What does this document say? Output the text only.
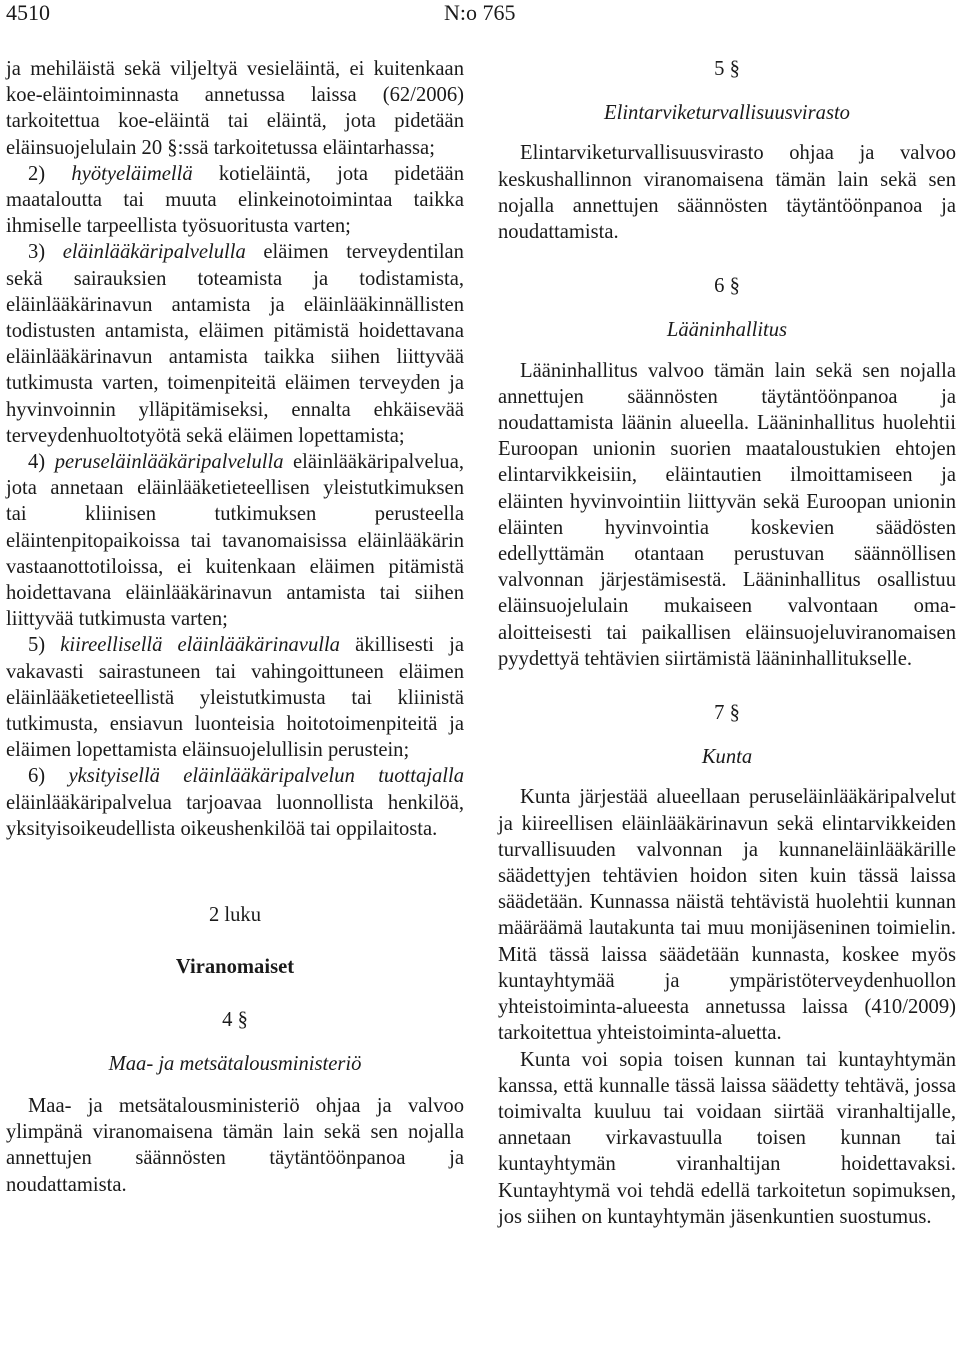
4510	N:o 765

ja mehiläistä sekä viljeltyä vesieläintä, ei kuitenkaan koe-eläintoiminnasta annetussa laissa (62/2006) tarkoitettua koe-eläintä tai eläintä, jota pidetään eläinsuojelulain 20 §:ssä tarkoitetussa eläintarhassa;

2) hyötyeläimellä kotieläintä, jota pidetään maataloutta tai muuta elinkeinotoimintaa taikka ihmiselle tarpeellista työsuoritusta varten;

3) eläinlääkäripalvelulla eläimen terveydentilan sekä sairauksien toteamista ja todistamista, eläinlääkärinavun antamista ja eläinlääkinnällisten todistusten antamista, eläimen pitämistä hoidettavana eläinlääkärinavun antamista taikka siihen liittyvää tutkimusta varten, toimenpiteitä eläimen terveyden ja hyvinvoinnin ylläpitämiseksi, ennalta ehkäisevää terveydenhuoltotyötä sekä eläimen lopettamista;

4) peruseläinlääkäripalvelulla eläinlääkäripalvelua, jota annetaan eläinlääketieteellisen yleistutkimuksen tai kliinisen tutkimuksen perusteella eläintenpitopaikoissa tai tavanomaisissa eläinlääkärin vastaanottotiloissa, ei kuitenkaan eläimen pitämistä hoidettavana eläinlääkärinavun antamista tai siihen liittyvää tutkimusta varten;

5) kiireellisellä eläinlääkärinavulla äkillisesti ja vakavasti sairastuneen tai vahingoittuneen eläimen eläinlääketieteellistä yleistutkimusta tai kliinistä tutkimusta, ensiavun luonteisia hoitotoimenpiteitä ja eläimen lopettamista eläinsuojelullisin perustein;

6) yksityisellä eläinlääkäripalvelun tuottajalla eläinlääkäripalvelua tarjoavaa luonnollista henkilöä, yksityisoikeudellista oikeushenkilöä tai oppilaitosta.

2 luku

Viranomaiset

4 §

Maa- ja metsätalousministeriö

Maa- ja metsätalousministeriö ohjaa ja valvoo ylimpänä viranomaisena tämän lain sekä sen nojalla annettujen säännösten täytäntöönpanoa ja noudattamista.

5 §

Elintarviketurvallisuusvirasto

Elintarviketurvallisuusvirasto ohjaa ja valvoo keskushallinnon viranomaisena tämän lain sekä sen nojalla annettujen säännösten täytäntöönpanoa ja noudattamista.

6 §

Lääninhallitus

Lääninhallitus valvoo tämän lain sekä sen nojalla annettujen säännösten täytäntöönpanoa ja noudattamista läänin alueella. Lääninhallitus huolehtii Euroopan unionin suorien maataloustukien ehtojen elintarvikkeisiin, eläintautien ilmoittamiseen ja eläinten hyvinvointiin liittyvän sekä Euroopan unionin eläinten hyvinvointia koskevien säädösten edellyttämän otantaan perustuvan säännöllisen valvonnan järjestämisestä. Lääninhallitus osallistuu eläinsuojelulain mukaiseen valvontaan oma-aloitteisesti tai paikallisen eläinsuojeluviranomaisen pyydettyä tehtävien siirtämistä lääninhallitukselle.

7 §

Kunta

Kunta järjestää alueellaan peruseläinlääkäripalvelut ja kiireellisen eläinlääkärinavun sekä elintarvikkeiden turvallisuuden valvonnan ja kunnaneläinlääkärille säädettyjen tehtävien hoidon siten kuin tässä laissa säädetään. Kunnassa näistä tehtävistä huolehtii kunnan määräämä lautakunta tai muu monijäseninen toimielin. Mitä tässä laissa säädetään kunnasta, koskee myös kuntayhtymää ja ympäristöterveydenhuollon yhteistoiminta-alueesta annetussa laissa (410/2009) tarkoitettua yhteistoiminta-aluetta.

Kunta voi sopia toisen kunnan tai kuntayhtymän kanssa, että kunnalle tässä laissa säädetty tehtävä, jossa toimivalta kuuluu tai voidaan siirtää viranhaltijalle, annetaan virkavastuulla toisen kunnan tai kuntayhtymän viranhaltijan hoidettavaksi. Kuntayhtymä voi tehdä edellä tarkoitetun sopimuksen, jos siihen on kuntayhtymän jäsenkuntien suostumus.
